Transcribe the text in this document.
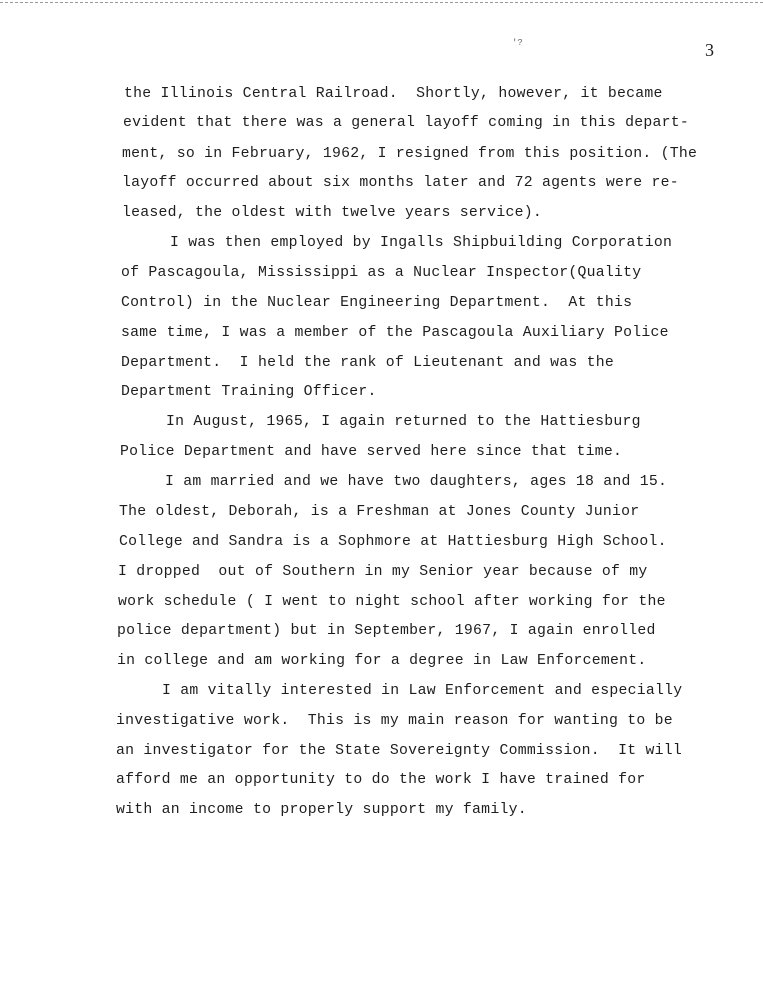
'?	3
the Illinois Central Railroad.  Shortly, however, it became
evident that there was a general layoff coming in this depart-
ment, so in February, 1962, I resigned from this position. (The
layoff occurred about six months later and 72 agents were re-
leased, the oldest with twelve years service).
I was then employed by Ingalls Shipbuilding Corporation
of Pascagoula, Mississippi as a Nuclear Inspector(Quality
Control) in the Nuclear Engineering Department.  At this
same time, I was a member of the Pascagoula Auxiliary Police
Department.  I held the rank of Lieutenant and was the
Department Training Officer.
In August, 1965, I again returned to the Hattiesburg
Police Department and have served here since that time.
I am married and we have two daughters, ages 18 and 15.
The oldest, Deborah, is a Freshman at Jones County Junior
College and Sandra is a Sophmore at Hattiesburg High School.
I dropped  out of Southern in my Senior year because of my
work schedule ( I went to night school after working for the
police department) but in September, 1967, I again enrolled
in college and am working for a degree in Law Enforcement.
I am vitally interested in Law Enforcement and especially
investigative work.  This is my main reason for wanting to be
an investigator for the State Sovereignty Commission.  It will
afford me an opportunity to do the work I have trained for
with an income to properly support my family.
